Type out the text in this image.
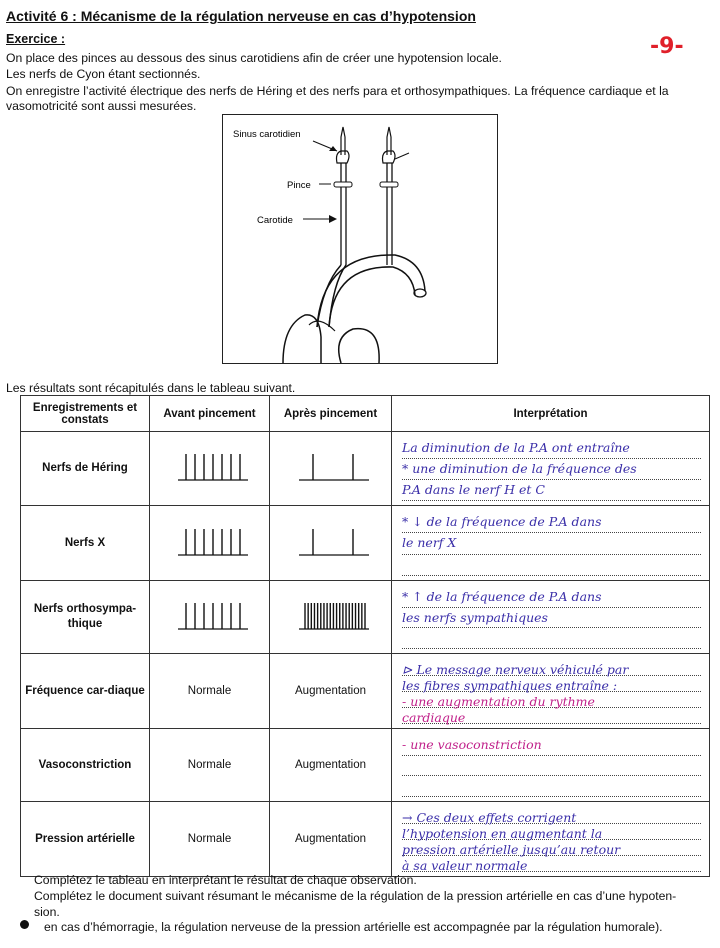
Activité 6 : Mécanisme de la régulation nerveuse en cas d’hypotension
-9-
Exercice :
On place des pinces au dessous des sinus carotidiens afin de créer une hypotension locale.
Les nerfs de Cyon étant sectionnés.
On enregistre l’activité électrique des nerfs de Héring et des nerfs para et orthosympathiques. La fréquence cardiaque et la
vasomotricité sont aussi mesurées.
Sinus carotidien
Pince
Carotide
Les résultats sont récapitulés dans le tableau suivant.
Enregistrements et constats	Avant pincement	Après pincement	Interprétation
Nerfs de Héring			La diminution de la P.A ont entraîne
* une diminution de la fréquence des
P.A dans le nerf H et C

Nerfs X			* ↓ de la fréquence de P.A dans
le nerf X

Nerfs orthosympa-thique			* ↑ de la fréquence de P.A dans
les nerfs sympathiques

Fréquence car-diaque	Normale	Augmentation	⊳ Le message nerveux véhiculé par
les fibres sympathiques entraîne :
- une augmentation du rythme
cardiaque

Vasoconstriction	Normale	Augmentation	- une vasoconstriction

Pression artérielle	Normale	Augmentation	→ Ces deux effets corrigent
l’hypotension en augmentant la
pression artérielle jusqu’au retour
à sa valeur normale
Complétez le tableau en interprétant le résultat de chaque observation.
Complétez le document suivant résumant le mécanisme de la régulation de la pression artérielle en cas d’une hypoten-
sion.
en cas d’hémorragie, la régulation nerveuse de la pression artérielle est accompagnée par la régulation humorale).
